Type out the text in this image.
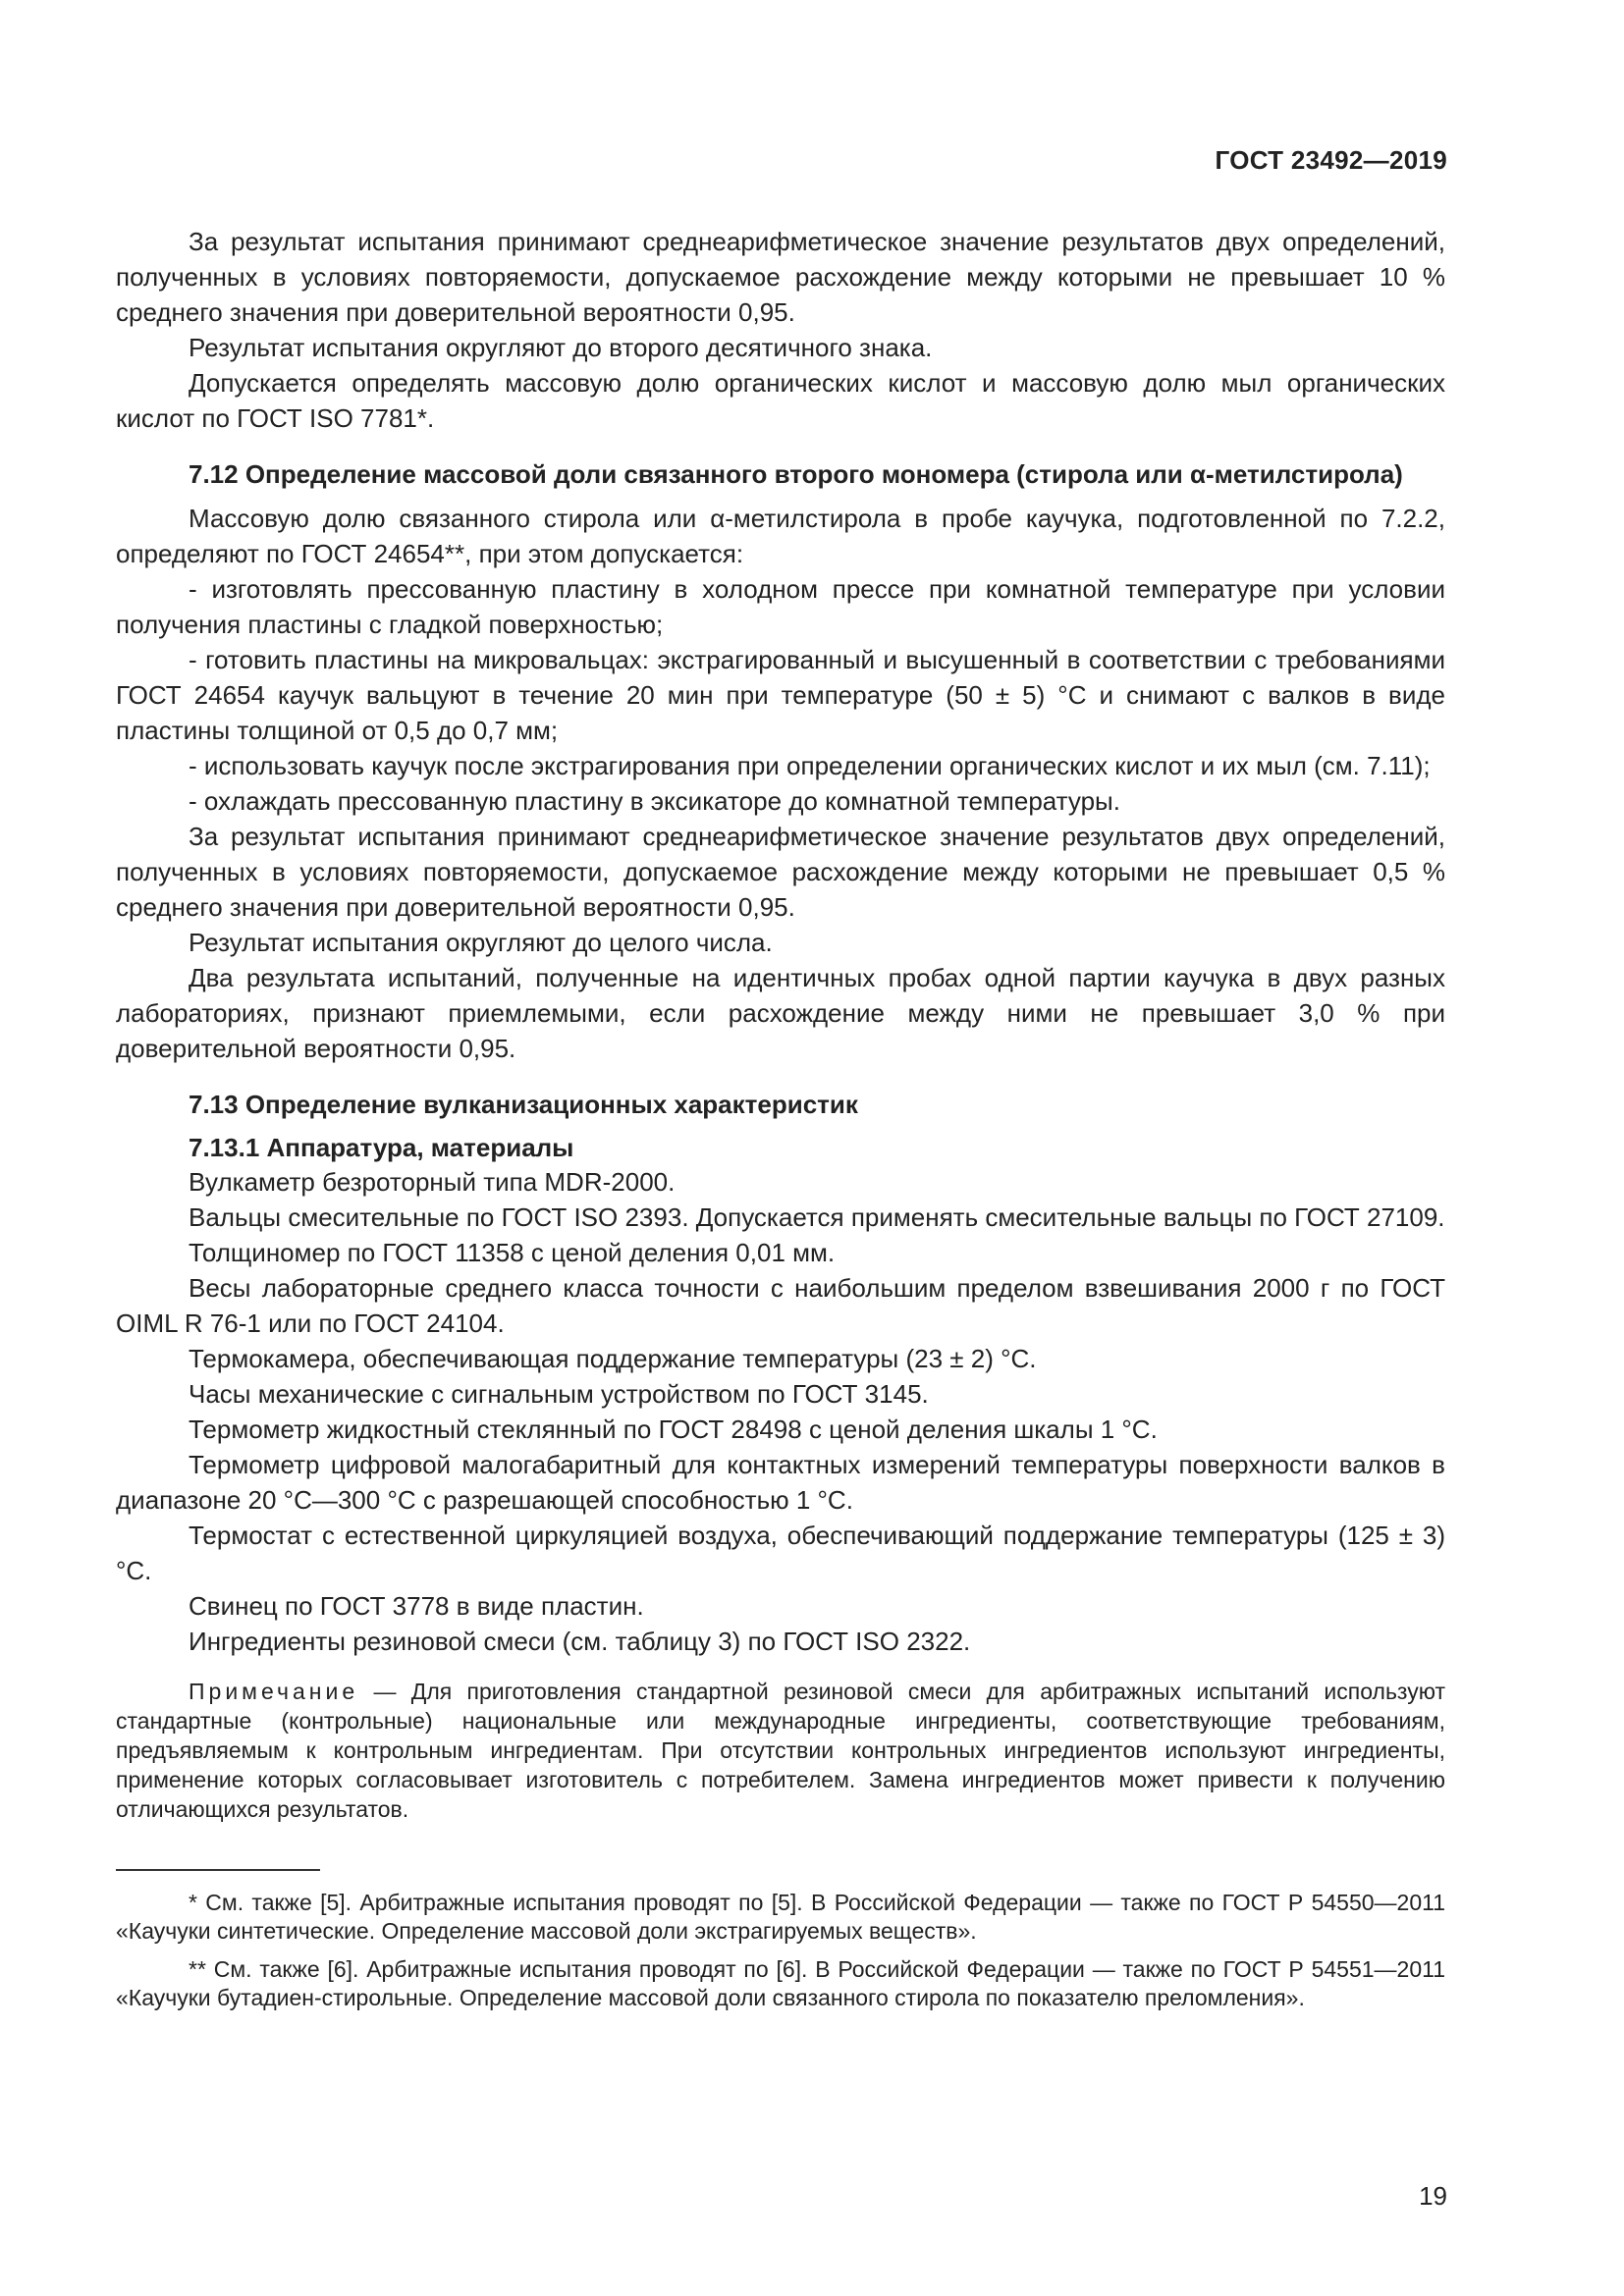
ГОСТ 23492—2019

За результат испытания принимают среднеарифметическое значение результатов двух определений, полученных в условиях повторяемости, допускаемое расхождение между которыми не превышает 10 % среднего значения при доверительной вероятности 0,95.

Результат испытания округляют до второго десятичного знака.

Допускается определять массовую долю органических кислот и массовую долю мыл органических кислот по ГОСТ ISO 7781*.

7.12 Определение массовой доли связанного второго мономера (стирола или α-метилстирола)

Массовую долю связанного стирола или α-метилстирола в пробе каучука, подготовленной по 7.2.2, определяют по ГОСТ 24654**, при этом допускается:

- изготовлять прессованную пластину в холодном прессе при комнатной температуре при условии получения пластины с гладкой поверхностью;

- готовить пластины на микровальцах: экстрагированный и высушенный в соответствии с требованиями ГОСТ 24654 каучук вальцуют в течение 20 мин при температуре (50 ± 5) °С и снимают с валков в виде пластины толщиной от 0,5 до 0,7 мм;

- использовать каучук после экстрагирования при определении органических кислот и их мыл (см. 7.11);

- охлаждать прессованную пластину в эксикаторе до комнатной температуры.

За результат испытания принимают среднеарифметическое значение результатов двух определений, полученных в условиях повторяемости, допускаемое расхождение между которыми не превышает 0,5 % среднего значения при доверительной вероятности 0,95.

Результат испытания округляют до целого числа.

Два результата испытаний, полученные на идентичных пробах одной партии каучука в двух разных лабораториях, признают приемлемыми, если расхождение между ними не превышает 3,0 % при доверительной вероятности 0,95.

7.13 Определение вулканизационных характеристик

7.13.1 Аппаратура, материалы

Вулкаметр безроторный типа MDR-2000.

Вальцы смесительные по ГОСТ ISO 2393. Допускается применять смесительные вальцы по ГОСТ 27109.

Толщиномер по ГОСТ 11358 с ценой деления 0,01 мм.

Весы лабораторные среднего класса точности с наибольшим пределом взвешивания 2000 г по ГОСТ OIML R 76-1 или по ГОСТ 24104.

Термокамера, обеспечивающая поддержание температуры (23 ± 2) °С.

Часы механические с сигнальным устройством по ГОСТ 3145.

Термометр жидкостный стеклянный по ГОСТ 28498 с ценой деления шкалы 1 °С.

Термометр цифровой малогабаритный для контактных измерений температуры поверхности валков в диапазоне 20 °С—300 °С с разрешающей способностью 1 °С.

Термостат с естественной циркуляцией воздуха, обеспечивающий поддержание температуры (125 ± 3) °С.

Свинец по ГОСТ 3778 в виде пластин.

Ингредиенты резиновой смеси (см. таблицу 3) по ГОСТ ISO 2322.

Примечание — Для приготовления стандартной резиновой смеси для арбитражных испытаний используют стандартные (контрольные) национальные или международные ингредиенты, соответствующие требованиям, предъявляемым к контрольным ингредиентам. При отсутствии контрольных ингредиентов используют ингредиенты, применение которых согласовывает изготовитель с потребителем. Замена ингредиентов может привести к получению отличающихся результатов.

* См. также [5]. Арбитражные испытания проводят по [5]. В Российской Федерации — также по ГОСТ Р 54550—2011 «Каучуки синтетические. Определение массовой доли экстрагируемых веществ».

** См. также [6]. Арбитражные испытания проводят по [6]. В Российской Федерации — также по ГОСТ Р 54551—2011 «Каучуки бутадиен-стирольные. Определение массовой доли связанного стирола по показателю преломления».

19
